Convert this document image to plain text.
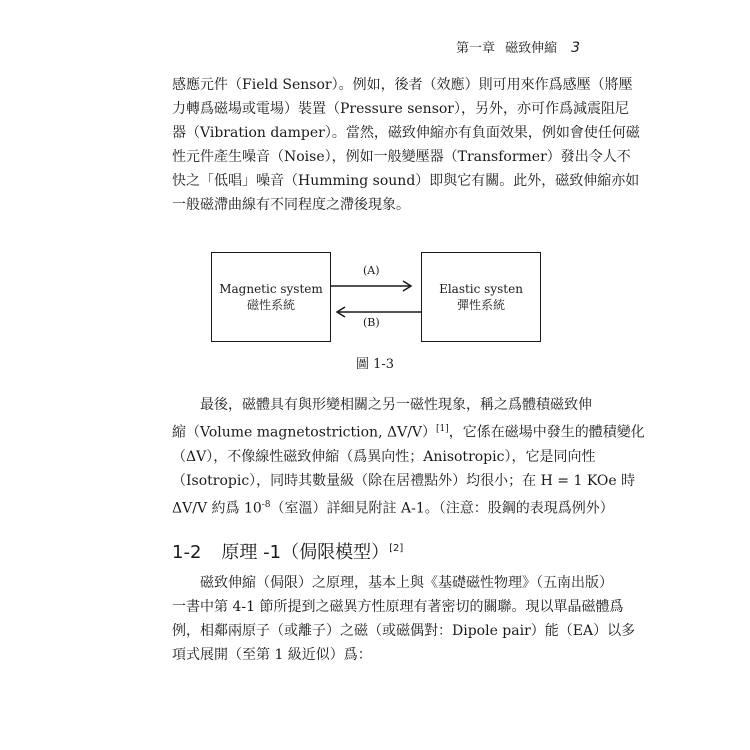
第一章 磁致伸縮 3

感應元件（Field Sensor）。例如，後者（效應）則可用來作爲感壓（將壓
力轉爲磁場或電場）裝置（Pressure sensor），另外，亦可作爲減震阻尼
器（Vibration damper）。當然，磁致伸縮亦有負面效果，例如會使任何磁
性元件產生噪音（Noise），例如一般變壓器（Transformer）發出令人不
快之「低唱」噪音（Humming sound）即與它有關。此外，磁致伸縮亦如
一般磁滯曲線有不同程度之滯後現象。

Magnetic system
磁性系統
(A)
(B)
Elastic systen
彈性系統
圖 1-3

最後，磁體具有與形變相關之另一磁性現象，稱之爲體積磁致伸
縮（Volume magnetostriction, ΔV/V）[1]，它係在磁場中發生的體積變化
（ΔV），不像線性磁致伸縮（爲異向性；Anisotropic），它是同向性
（Isotropic），同時其數量級（除在居禮點外）均很小；在 H = 1 KOe 時
ΔV/V 約爲 $10^{-8}$（室溫）詳細見附註 A-1。（注意：股鋼的表現爲例外）

1-2 原理 -1（侷限模型）[2]

磁致伸縮（侷限）之原理，基本上與《基礎磁性物理》（五南出版）
一書中第 4-1 節所提到之磁異方性原理有著密切的關聯。現以單晶磁體爲
例，相鄰兩原子（或離子）之磁（或磁偶對：Dipole pair）能（EA）以多
項式展開（至第 1 級近似）爲：
